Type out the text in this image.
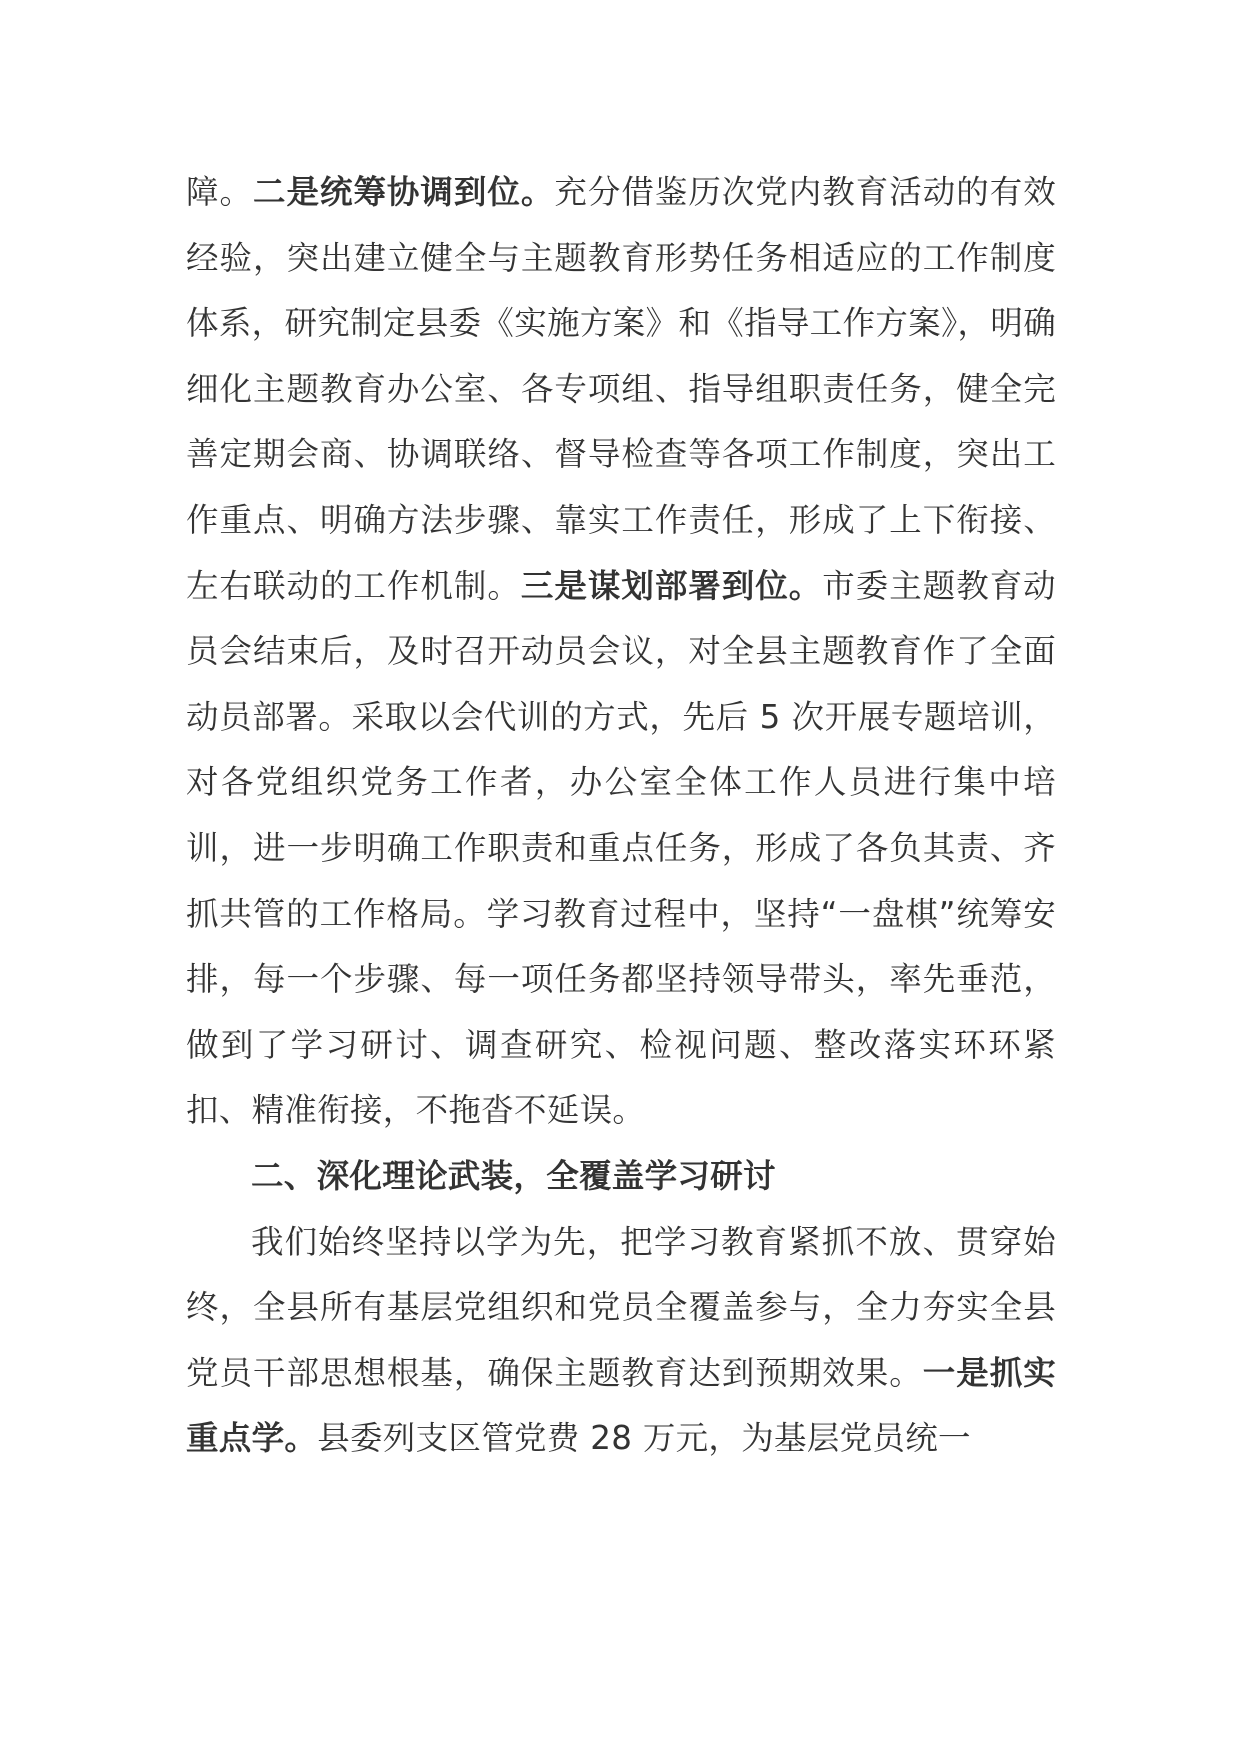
障。二是统筹协调到位。充分借鉴历次党内教育活动的有效经验，突出建立健全与主题教育形势任务相适应的工作制度体系，研究制定县委《实施方案》和《指导工作方案》，明确细化主题教育办公室、各专项组、指导组职责任务，健全完善定期会商、协调联络、督导检查等各项工作制度，突出工作重点、明确方法步骤、靠实工作责任，形成了上下衔接、左右联动的工作机制。三是谋划部署到位。市委主题教育动员会结束后，及时召开动员会议，对全县主题教育作了全面动员部署。采取以会代训的方式，先后 5 次开展专题培训，对各党组织党务工作者，办公室全体工作人员进行集中培训，进一步明确工作职责和重点任务，形成了各负其责、齐抓共管的工作格局。学习教育过程中，坚持“一盘棋”统筹安排，每一个步骤、每一项任务都坚持领导带头，率先垂范，做到了学习研讨、调查研究、检视问题、整改落实环环紧扣、精准衔接，不拖沓不延误。

二、深化理论武装，全覆盖学习研讨

我们始终坚持以学为先，把学习教育紧抓不放、贯穿始终，全县所有基层党组织和党员全覆盖参与，全力夯实全县党员干部思想根基，确保主题教育达到预期效果。一是抓实重点学。县委列支区管党费 28 万元，为基层党员统一
